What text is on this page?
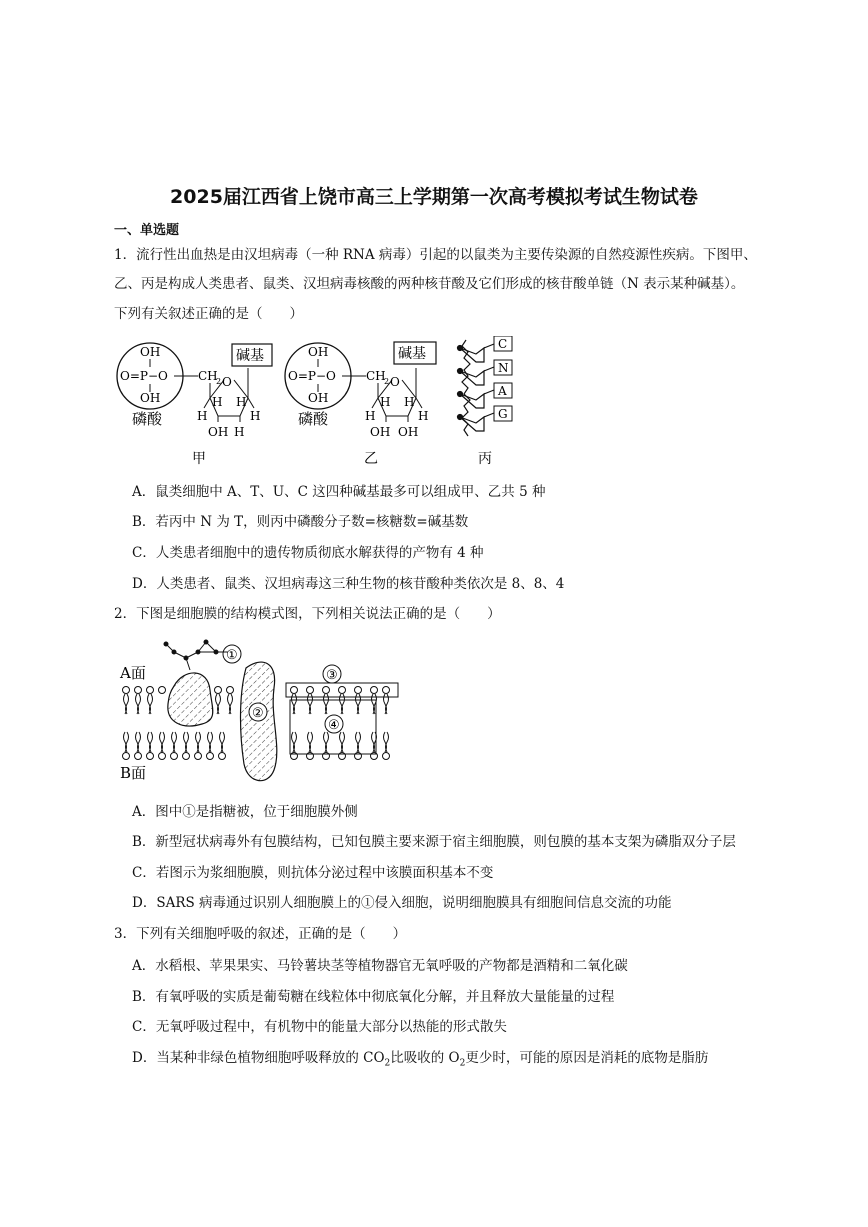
2025届江西省上饶市高三上学期第一次高考模拟考试生物试卷
一、单选题
1．流行性出血热是由汉坦病毒（一种 RNA 病毒）引起的以鼠类为主要传染源的自然疫源性疾病。下图甲、
乙、丙是构成人类患者、鼠类、汉坦病毒核酸的两种核苷酸及它们形成的核苷酸单链（N 表示某种碱基）。
下列有关叙述正确的是（　　）
OH
O=P−O
OH
CH
2 O
碱基
H	H
H H
OH H
磷酸
甲
OH
O=P−O
OH
CH
2 O
碱基
H	H
H H
OH OH
磷酸
乙
C
N
A
G
丙
A．鼠类细胞中 A、T、U、C 这四种碱基最多可以组成甲、乙共 5 种
B．若丙中 N 为 T，则丙中磷酸分子数=核糖数=碱基数
C．人类患者细胞中的遗传物质彻底水解获得的产物有 4 种
D．人类患者、鼠类、汉坦病毒这三种生物的核苷酸种类依次是 8、8、4
2．下图是细胞膜的结构模式图，下列相关说法正确的是（　　）
A面
B面
①
②
③
④
A．图中①是指糖被，位于细胞膜外侧
B．新型冠状病毒外有包膜结构，已知包膜主要来源于宿主细胞膜，则包膜的基本支架为磷脂双分子层
C．若图示为浆细胞膜，则抗体分泌过程中该膜面积基本不变
D．SARS 病毒通过识别人细胞膜上的①侵入细胞，说明细胞膜具有细胞间信息交流的功能
3．下列有关细胞呼吸的叙述，正确的是（　　）
A．水稻根、苹果果实、马铃薯块茎等植物器官无氧呼吸的产物都是酒精和二氧化碳
B．有氧呼吸的实质是葡萄糖在线粒体中彻底氧化分解，并且释放大量能量的过程
C．无氧呼吸过程中，有机物中的能量大部分以热能的形式散失
D．当某种非绿色植物细胞呼吸释放的 $CO_2$比吸收的 $O_2$更少时，可能的原因是消耗的底物是脂肪
